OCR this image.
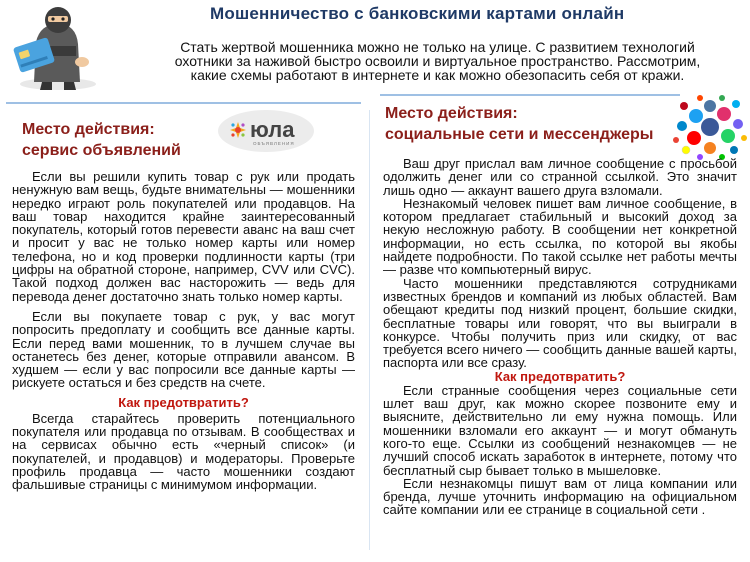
Мошенничество с банковскими картами онлайн

Стать жертвой мошенника можно не только на улице. С развитием технологий

охотники за наживой быстро освоили и виртуальное пространство. Рассмотрим,

какие схемы работают в интернете и как можно обезопасить себя от кражи.

Место действия:

сервис объявлений

юла
ОБЪЯВЛЕНИЯ

Место действия:

социальные сети и мессенджеры

Если вы решили купить товар с рук или продать ненужную вам вещь, будьте внимательны — мошенники нередко играют роль покупателей или продавцов. На ваш товар находится крайне заинтересованный покупатель, который готов перевести аванс на ваш счет и просит у вас не только номер карты или номер телефона, но и код проверки подлинности карты (три цифры на обратной стороне, например, CVV или CVC). Такой подход должен вас насторожить — ведь для перевода денег достаточно знать только номер карты.

Если вы покупаете товар с рук, у вас могут попросить предоплату и сообщить все данные карты. Если перед вами мошенник, то в лучшем случае вы останетесь без денег, которые отправили авансом. В худшем — если у вас попросили все данные карты — рискуете остаться и без средств на счете.

Как предотвратить?

Всегда старайтесь проверить потенциального покупателя или продавца по отзывам. В сообществах и на сервисах обычно есть «черный список» (и покупателей, и продавцов) и модераторы. Проверьте профиль продавца — часто мошенники создают фальшивые страницы с минимумом информации.

Ваш друг прислал вам личное сообщение с просьбой одолжить денег или со странной ссылкой. Это значит лишь одно — аккаунт вашего друга взломали.

Незнакомый человек пишет вам личное сообщение, в котором предлагает стабильный и высокий доход за некую несложную работу. В сообщении нет конкретной информации, но есть ссылка, по которой вы якобы найдете подробности. По такой ссылке нет работы мечты — разве что компьютерный вирус.

Часто мошенники представляются сотрудниками известных брендов и компаний из любых областей. Вам обещают кредиты под низкий процент, большие скидки, бесплатные товары или говорят, что вы выиграли в конкурсе. Чтобы получить приз или скидку, от вас требуется всего ничего — сообщить данные вашей карты, паспорта или все сразу.

Как предотвратить?

Если странные сообщения через социальные сети шлет ваш друг, как можно скорее позвоните ему и выясните, действительно ли ему нужна помощь. Или мошенники взломали его аккаунт — и могут обмануть кого-то еще. Ссылки из сообщений незнакомцев — не лучший способ искать заработок в интернете, потому что бесплатный сыр бывает только в мышеловке.

Если незнакомцы пишут вам от лица компании или бренда, лучше уточнить информацию на официальном сайте компании или ее странице в социальной сети .
